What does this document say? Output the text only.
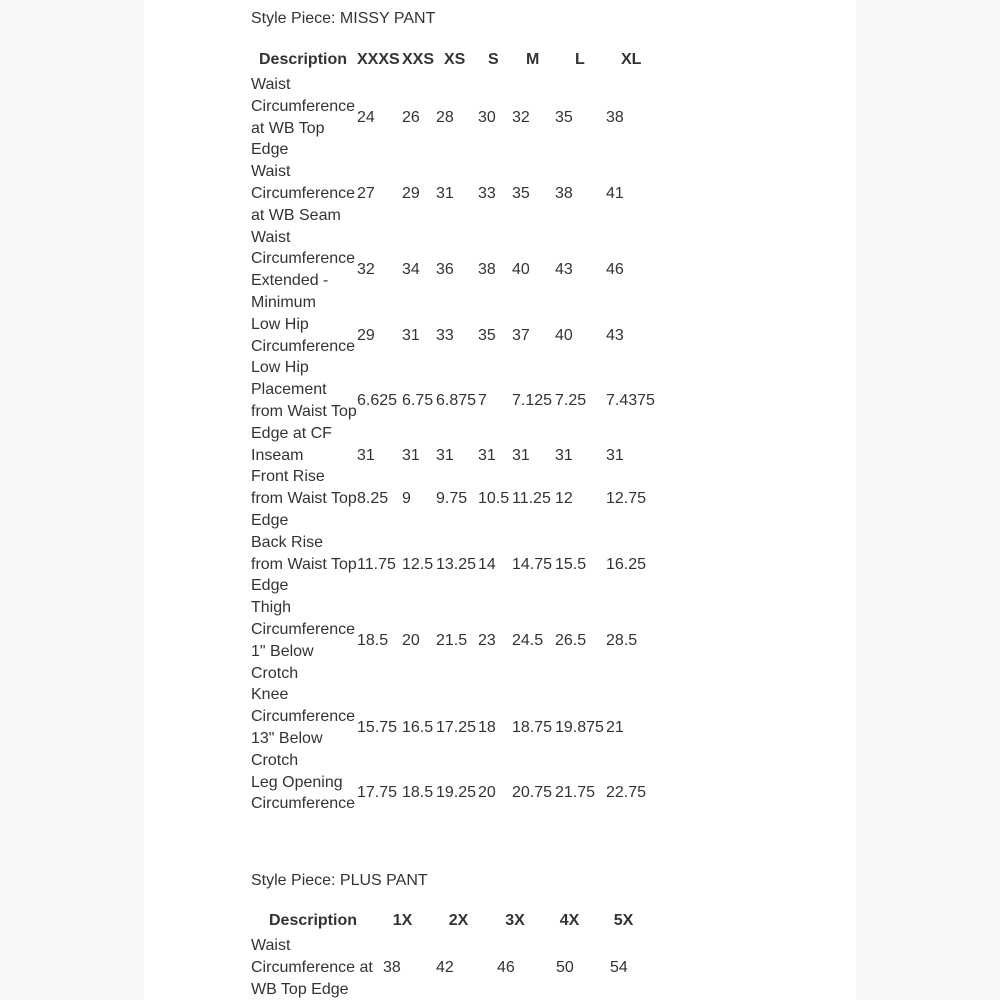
Style Piece: MISSY PANT
Description	XXXS	XXS	XS	S	M	L	XL
Waist Circumference at WB Top Edge	24	26	28	30	32	35	38
Waist Circumference at WB Seam	27	29	31	33	35	38	41
Waist Circumference Extended - Minimum	32	34	36	38	40	43	46
Low Hip Circumference	29	31	33	35	37	40	43
Low Hip Placement from Waist Top Edge at CF	6.625	6.75	6.875	7	7.125	7.25	7.4375
Inseam	31	31	31	31	31	31	31
Front Rise from Waist Top Edge	8.25	9	9.75	10.5	11.25	12	12.75
Back Rise from Waist Top Edge	11.75	12.5	13.25	14	14.75	15.5	16.25
Thigh Circumference 1" Below Crotch	18.5	20	21.5	23	24.5	26.5	28.5
Knee Circumference 13" Below Crotch	15.75	16.5	17.25	18	18.75	19.875	21
Leg Opening Circumference	17.75	18.5	19.25	20	20.75	21.75	22.75
Style Piece: PLUS PANT
Description	1X	2X	3X	4X	5X
Waist Circumference at WB Top Edge	38	42	46	50	54
